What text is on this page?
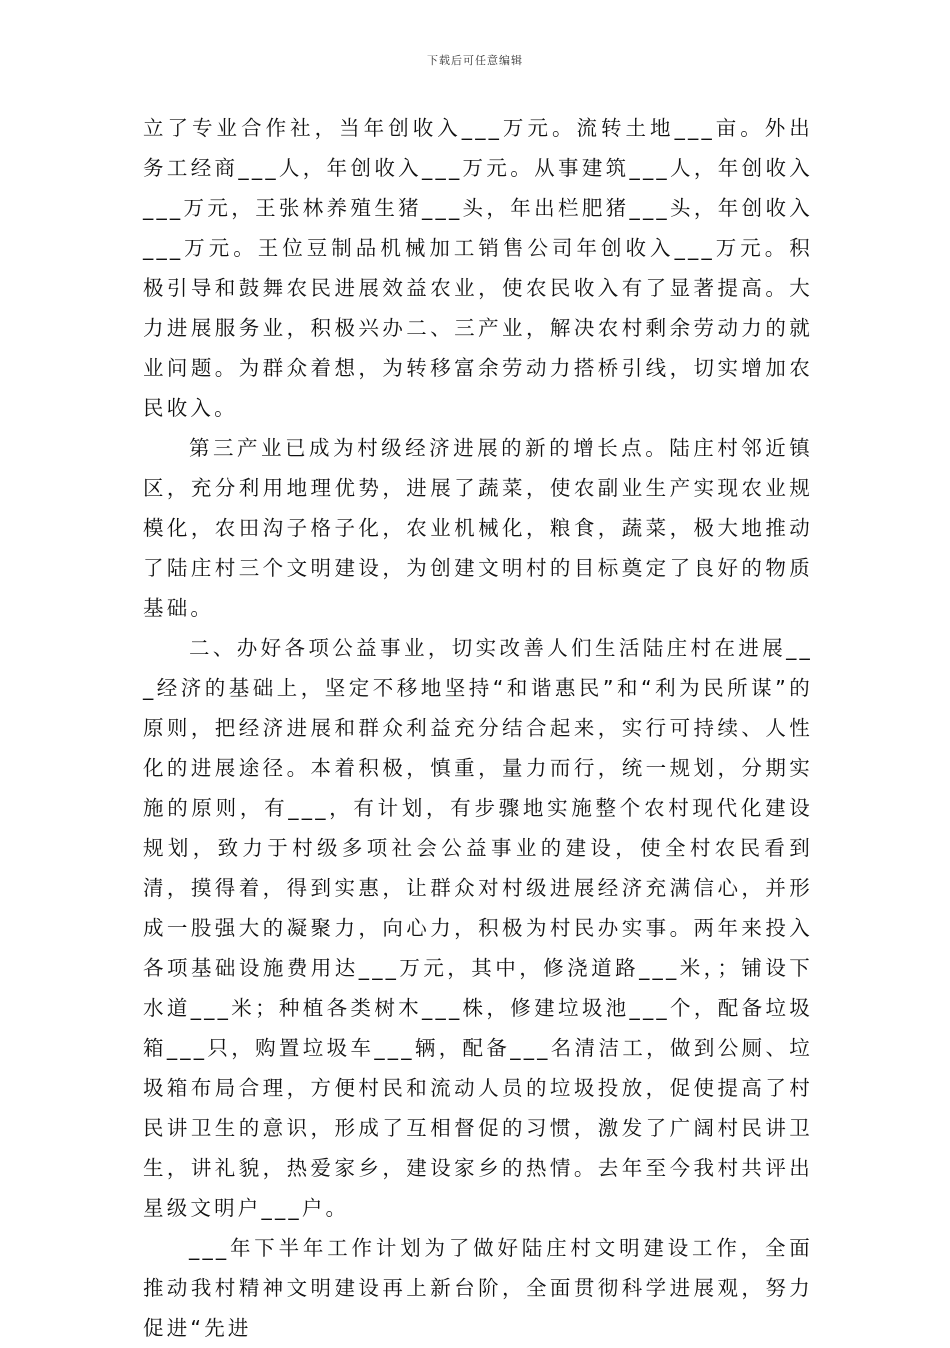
下载后可任意编辑

立了专业合作社，当年创收入___万元。流转土地___亩。外出务工经商___人，年创收入___万元。从事建筑___人，年创收入___万元，王张林养殖生猪___头，年出栏肥猪___头，年创收入___万元。王位豆制品机械加工销售公司年创收入___万元。积极引导和鼓舞农民进展效益农业，使农民收入有了显著提高。大力进展服务业，积极兴办二、三产业，解决农村剩余劳动力的就业问题。为群众着想，为转移富余劳动力搭桥引线，切实增加农民收入。

第三产业已成为村级经济进展的新的增长点。陆庄村邻近镇区，充分利用地理优势，进展了蔬菜，使农副业生产实现农业规模化，农田沟子格子化，农业机械化，粮食，蔬菜，极大地推动了陆庄村三个文明建设，为创建文明村的目标奠定了良好的物质基础。

二、办好各项公益事业，切实改善人们生活陆庄村在进展___经济的基础上，坚定不移地坚持“和谐惠民”和“利为民所谋”的原则，把经济进展和群众利益充分结合起来，实行可持续、人性化的进展途径。本着积极，慎重，量力而行，统一规划，分期实施的原则，有___，有计划，有步骤地实施整个农村现代化建设规划，致力于村级多项社会公益事业的建设，使全村农民看到清，摸得着，得到实惠，让群众对村级进展经济充满信心，并形成一股强大的凝聚力，向心力，积极为村民办实事。两年来投入各项基础设施费用达___万元，其中，修浇道路___米，；铺设下水道___米；种植各类树木___株，修建垃圾池___个，配备垃圾箱___只，购置垃圾车___辆，配备___名清洁工，做到公厕、垃圾箱布局合理，方便村民和流动人员的垃圾投放，促使提高了村民讲卫生的意识，形成了互相督促的习惯，激发了广阔村民讲卫生，讲礼貌，热爱家乡，建设家乡的热情。去年至今我村共评出星级文明户___户。

___年下半年工作计划为了做好陆庄村文明建设工作，全面推动我村精神文明建设再上新台阶，全面贯彻科学进展观，努力促进“先进
